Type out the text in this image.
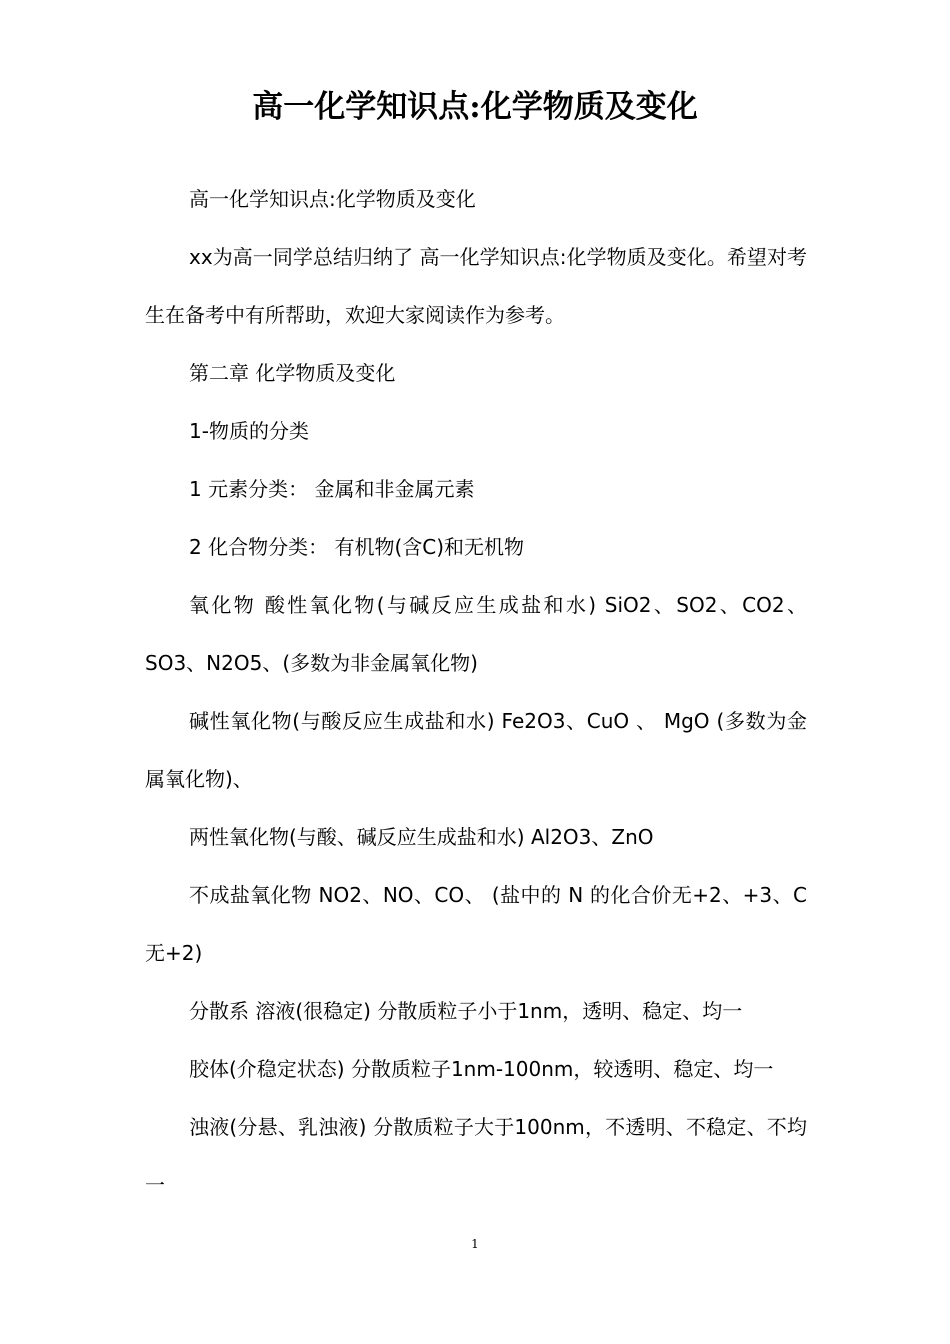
高一化学知识点:化学物质及变化

高一化学知识点:化学物质及变化

xx为高一同学总结归纳了 高一化学知识点:化学物质及变化。希望对考生在备考中有所帮助，欢迎大家阅读作为参考。

第二章 化学物质及变化

1-物质的分类

1 元素分类： 金属和非金属元素

2 化合物分类： 有机物(含C)和无机物

氧化物 酸性氧化物(与碱反应生成盐和水) SiO2、SO2、CO2、SO3、N2O5、(多数为非金属氧化物)

碱性氧化物(与酸反应生成盐和水) Fe2O3、CuO 、 MgO (多数为金属氧化物)、

两性氧化物(与酸、碱反应生成盐和水) Al2O3、ZnO

不成盐氧化物 NO2、NO、CO、 (盐中的 N 的化合价无+2、+3、C无+2)

分散系 溶液(很稳定) 分散质粒子小于1nm，透明、稳定、均一

胶体(介稳定状态) 分散质粒子1nm-100nm，较透明、稳定、均一

浊液(分悬、乳浊液) 分散质粒子大于100nm，不透明、不稳定、不均一

1
